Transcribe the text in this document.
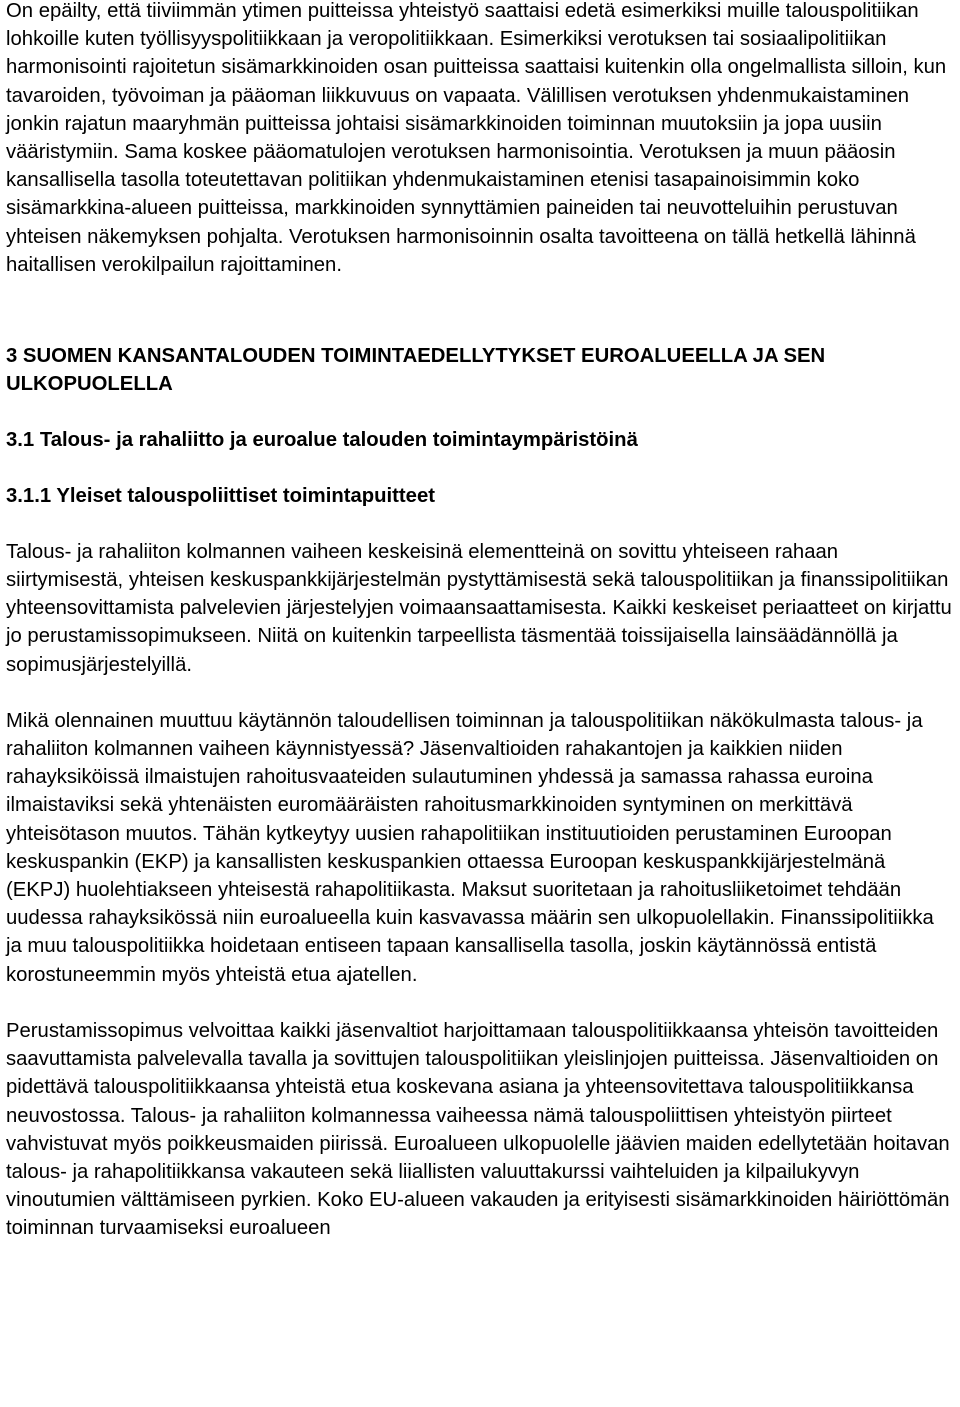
On epäilty, että tiiviimmän ytimen puitteissa yhteistyö saattaisi edetä esimerkiksi muille talouspolitiikan lohkoille kuten työllisyyspolitiikkaan ja veropolitiikkaan. Esimerkiksi verotuksen tai sosiaalipolitiikan harmonisointi rajoitetun sisämarkkinoiden osan puitteissa saattaisi kuitenkin olla ongelmallista silloin, kun tavaroiden, työvoiman ja pääoman liikkuvuus on vapaata. Välillisen verotuksen yhdenmukaistaminen jonkin rajatun maaryhmän puitteissa johtaisi sisämarkkinoiden toiminnan muutoksiin ja jopa uusiin vääristymiin. Sama koskee pääomatulojen verotuksen harmonisointia. Verotuksen ja muun pääosin kansallisella tasolla toteutettavan politiikan yhdenmukaistaminen etenisi tasapainoisimmin koko sisämarkkina-alueen puitteissa, markkinoiden synnyttämien paineiden tai neuvotteluihin perustuvan yhteisen näkemyksen pohjalta. Verotuksen harmonisoinnin osalta tavoitteena on tällä hetkellä lähinnä haitallisen verokilpailun rajoittaminen.

3 SUOMEN KANSANTALOUDEN TOIMINTAEDELLYTYKSET EUROALUEELLA JA SEN ULKOPUOLELLA
3.1 Talous- ja rahaliitto ja euroalue talouden toimintaympäristöinä
3.1.1 Yleiset talouspoliittiset toimintapuitteet

Talous- ja rahaliiton kolmannen vaiheen keskeisinä elementteinä on sovittu yhteiseen rahaan siirtymisestä, yhteisen keskuspankkijärjestelmän pystyttämisestä sekä talouspolitiikan ja finanssipolitiikan yhteensovittamista palvelevien järjestelyjen voimaansaattamisesta. Kaikki keskeiset periaatteet on kirjattu jo perustamissopimukseen. Niitä on kuitenkin tarpeellista täsmentää toissijaisella lainsäädännöllä ja sopimusjärjestelyillä.

Mikä olennainen muuttuu käytännön taloudellisen toiminnan ja talouspolitiikan näkökulmasta talous- ja rahaliiton kolmannen vaiheen käynnistyessä? Jäsenvaltioiden rahakantojen ja kaikkien niiden rahayksiköissä ilmaistujen rahoitusvaateiden sulautuminen yhdessä ja samassa rahassa euroina ilmaistaviksi sekä yhtenäisten euromääräisten rahoitusmarkkinoiden syntyminen on merkittävä yhteisötason muutos. Tähän kytkeytyy uusien rahapolitiikan instituutioiden perustaminen Euroopan keskuspankin (EKP) ja kansallisten keskuspankien ottaessa Euroopan keskuspankkijärjestelmänä (EKPJ) huolehtiakseen yhteisestä rahapolitiikasta. Maksut suoritetaan ja rahoitusliiketoimet tehdään uudessa rahayksikössä niin euroalueella kuin kasvavassa määrin sen ulkopuolellakin. Finanssipolitiikka ja muu talouspolitiikka hoidetaan entiseen tapaan kansallisella tasolla, joskin käytännössä entistä korostuneemmin myös yhteistä etua ajatellen.

Perustamissopimus velvoittaa kaikki jäsenvaltiot harjoittamaan talouspolitiikkaansa yhteisön tavoitteiden saavuttamista palvelevalla tavalla ja sovittujen talouspolitiikan yleislinjojen puitteissa. Jäsenvaltioiden on pidettävä talouspolitiikkaansa yhteistä etua koskevana asiana ja yhteensovitettava talouspolitiikkansa neuvostossa. Talous- ja rahaliiton kolmannessa vaiheessa nämä talouspoliittisen yhteistyön piirteet vahvistuvat myös poikkeusmaiden piirissä. Euroalueen ulkopuolelle jäävien maiden edellytetään hoitavan talous- ja rahapolitiikkansa vakauteen sekä liiallisten valuuttakurssi vaihteluiden ja kilpailukyvyn vinoutumien välttämiseen pyrkien. Koko EU-alueen vakauden ja erityisesti sisämarkkinoiden häiriöttömän toiminnan turvaamiseksi euroalueen
